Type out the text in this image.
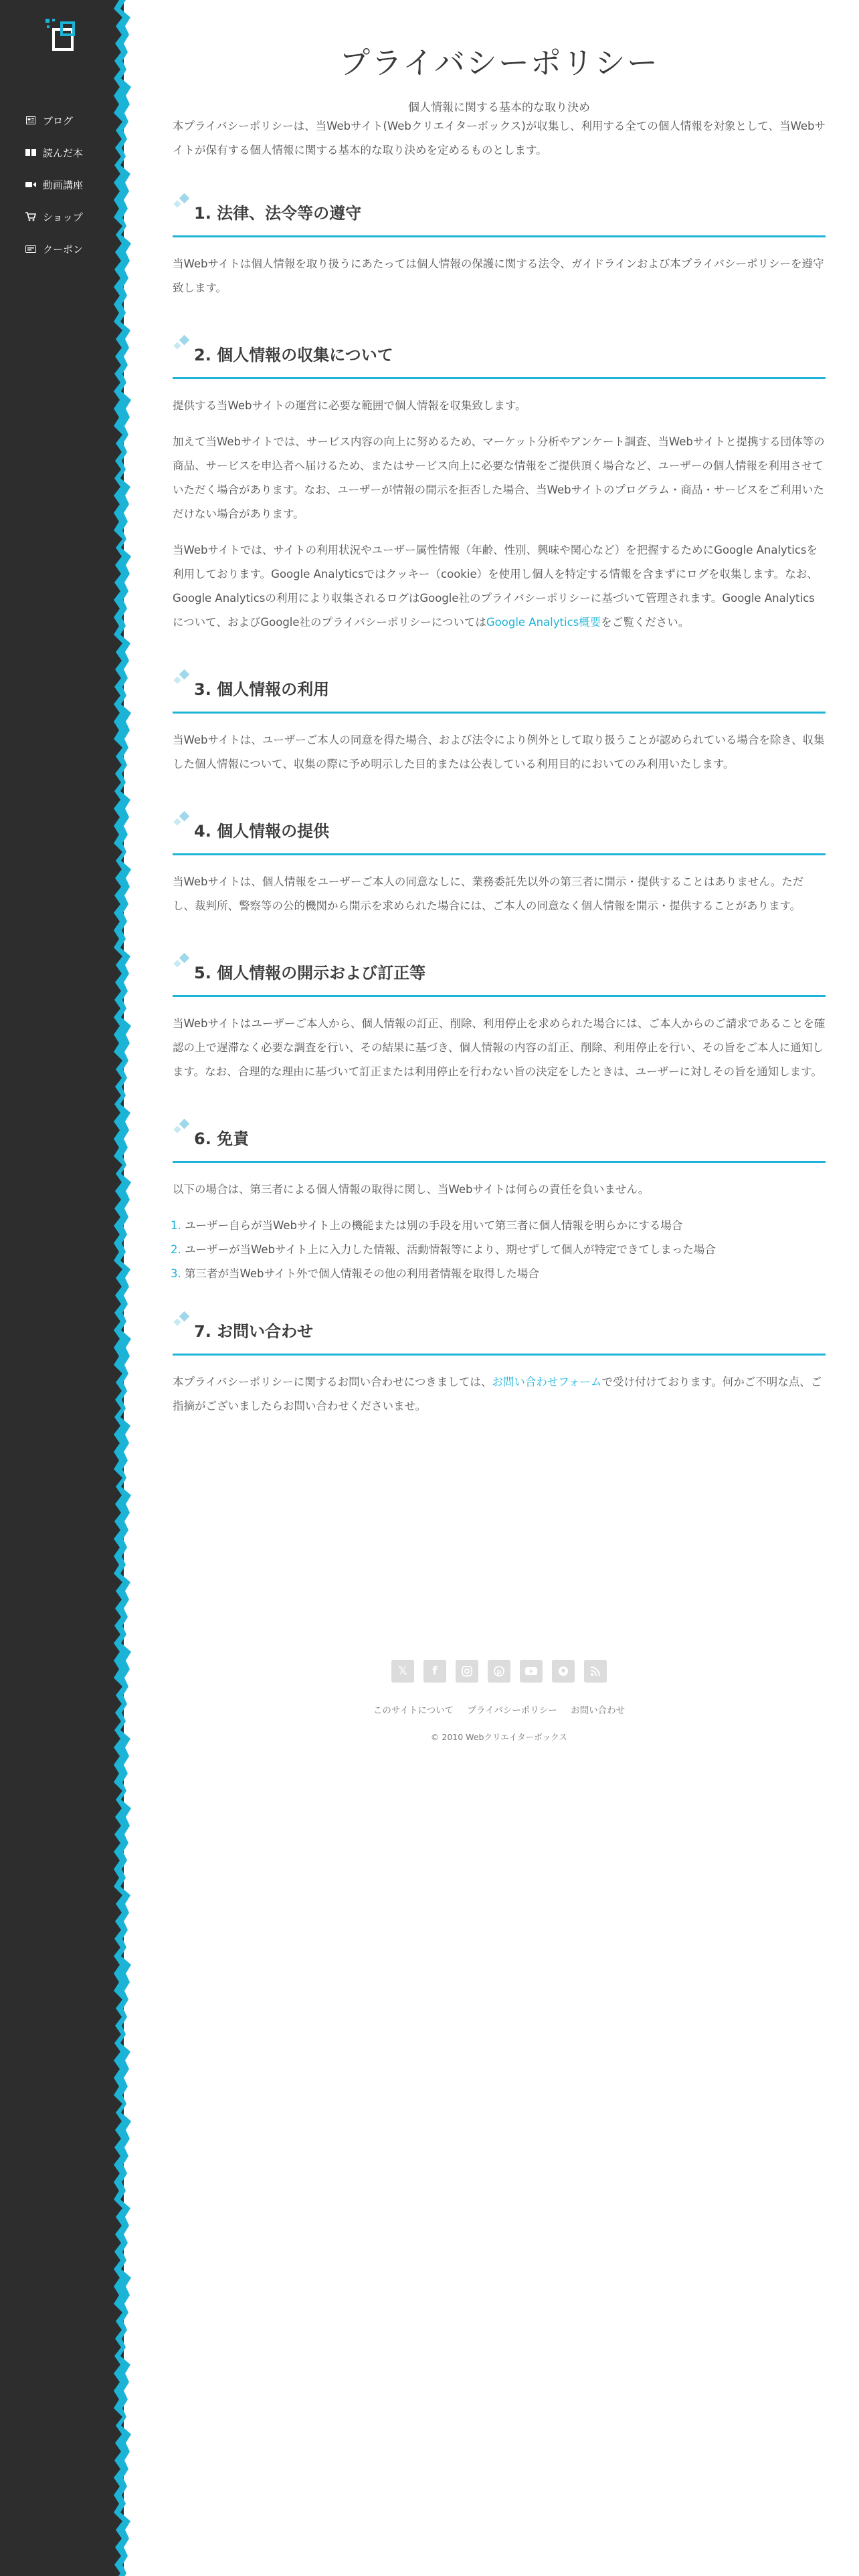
ブログ
読んだ本
動画講座
ショップ
クーポン
プライバシーポリシー

個人情報に関する基本的な取り決め

本プライバシーポリシーは、当Webサイト(Webクリエイターボックス)が収集し、利用する全ての個人情報を対象として、当Webサイトが保有する個人情報に関する基本的な取り決めを定めるものとします。

1. 法律、法令等の遵守

当Webサイトは個人情報を取り扱うにあたっては個人情報の保護に関する法令、ガイドラインおよび本プライバシーポリシーを遵守致します。

2. 個人情報の収集について

提供する当Webサイトの運営に必要な範囲で個人情報を収集致します。

加えて当Webサイトでは、サービス内容の向上に努めるため、マーケット分析やアンケート調査、当Webサイトと提携する団体等の商品、サービスを申込者へ届けるため、またはサービス向上に必要な情報をご提供頂く場合など、ユーザーの個人情報を利用させていただく場合があります。なお、ユーザーが情報の開示を拒否した場合、当Webサイトのプログラム・商品・サービスをご利用いただけない場合があります。

当Webサイトでは、サイトの利用状況やユーザー属性情報（年齢、性別、興味や関心など）を把握するためにGoogle Analyticsを利用しております。Google Analyticsではクッキー（cookie）を使用し個人を特定する情報を含まずにログを収集します。なお、Google Analyticsの利用により収集されるログはGoogle社のプライバシーポリシーに基づいて管理されます。Google Analyticsについて、およびGoogle社のプライバシーポリシーについてはGoogle Analytics概要をご覧ください。

3. 個人情報の利用

当Webサイトは、ユーザーご本人の同意を得た場合、および法令により例外として取り扱うことが認められている場合を除き、収集した個人情報について、収集の際に予め明示した目的または公表している利用目的においてのみ利用いたします。

4. 個人情報の提供

当Webサイトは、個人情報をユーザーご本人の同意なしに、業務委託先以外の第三者に開示・提供することはありません。ただし、裁判所、警察等の公的機関から開示を求められた場合には、ご本人の同意なく個人情報を開示・提供することがあります。

5. 個人情報の開示および訂正等

当Webサイトはユーザーご本人から、個人情報の訂正、削除、利用停止を求められた場合には、ご本人からのご請求であることを確認の上で遅滞なく必要な調査を行い、その結果に基づき、個人情報の内容の訂正、削除、利用停止を行い、その旨をご本人に通知します。なお、合理的な理由に基づいて訂正または利用停止を行わない旨の決定をしたときは、ユーザーに対しその旨を通知します。

6. 免責

以下の場合は、第三者による個人情報の取得に関し、当Webサイトは何らの責任を負いません。

1. ユーザー自らが当Webサイト上の機能または別の手段を用いて第三者に個人情報を明らかにする場合
2. ユーザーが当Webサイト上に入力した情報、活動情報等により、期せずして個人が特定できてしまった場合
3. 第三者が当Webサイト外で個人情報その他の利用者情報を取得した場合
7. お問い合わせ

本プライバシーポリシーに関するお問い合わせにつきましては、お問い合わせフォームで受け付けております。何かご不明な点、ご指摘がございましたらお問い合わせくださいませ。

𝕏	f	p
このサイトについて プライバシーポリシー お問い合わせ
© 2010 Webクリエイターボックス
